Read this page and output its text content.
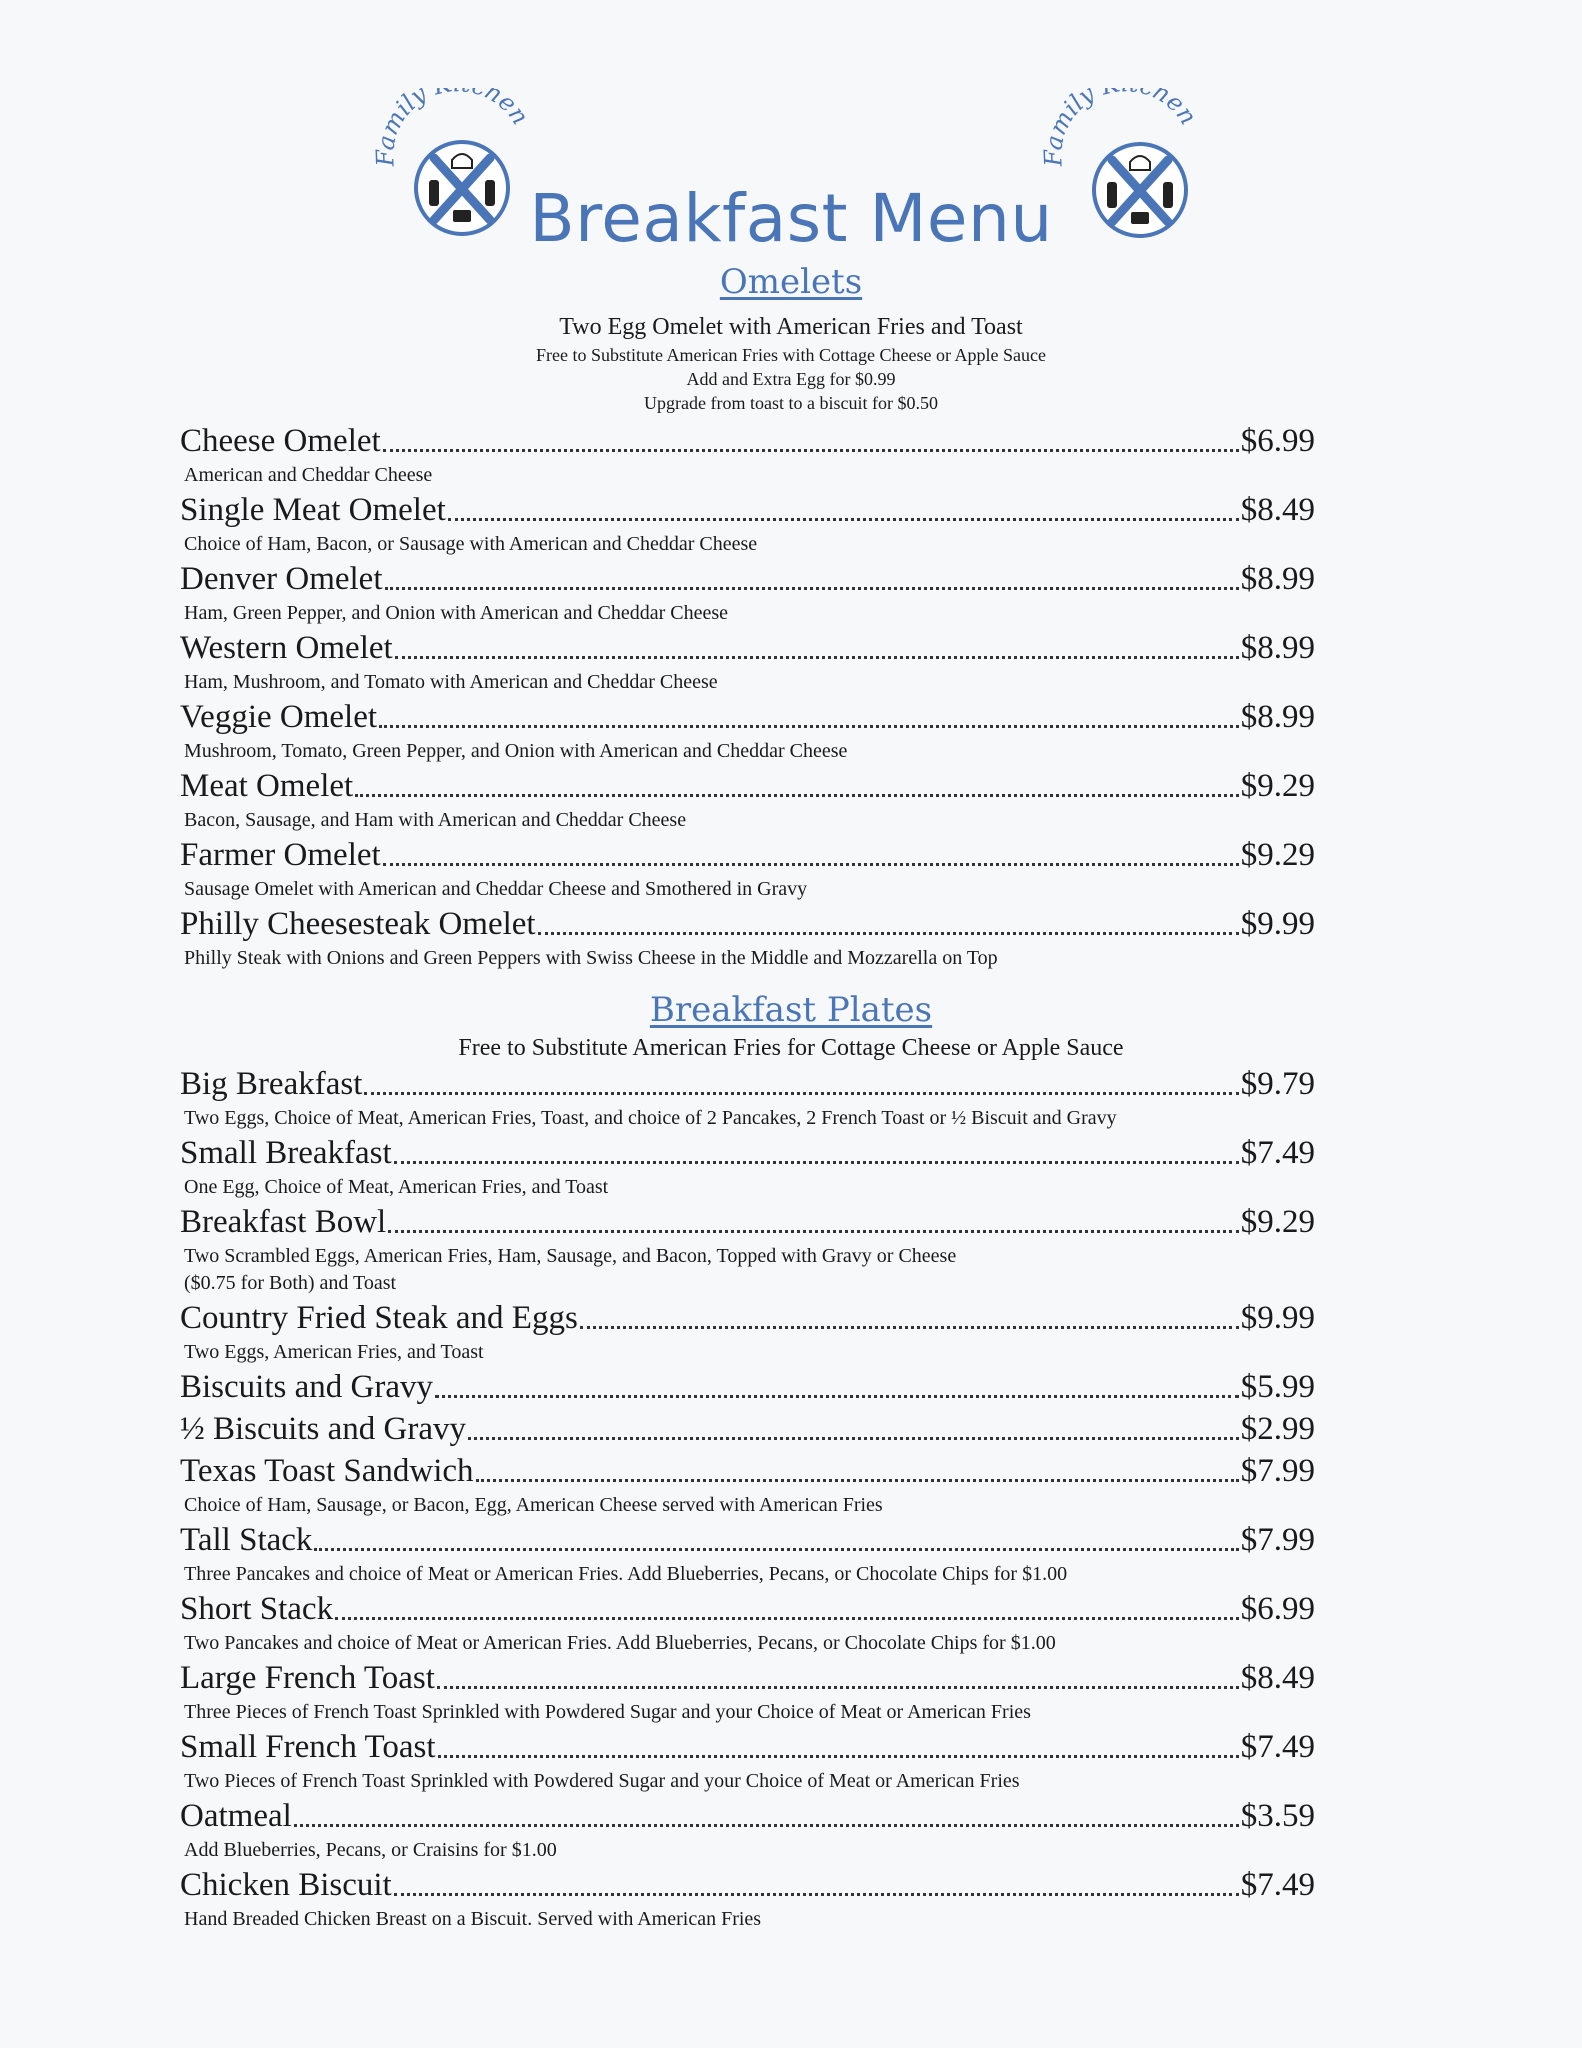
Family hen
Family hen
Breakfast Menu
Omelets
Two Egg Omelet with American Fries and Toast
Free to Substitute American Fries with Cottage Cheese or Apple Sauce
Add and Extra Egg for $0.99
Upgrade from toast to a biscuit for $0.50
Cheese Omelet	$6.99
American and Cheddar Cheese
Single Meat Omelet	$8.49
Choice of Ham, Bacon, or Sausage with American and Cheddar Cheese
Denver Omelet	$8.99
Ham, Green Pepper, and Onion with American and Cheddar Cheese
Western Omelet	$8.99
Ham, Mushroom, and Tomato with American and Cheddar Cheese
Veggie Omelet	$8.99
Mushroom, Tomato, Green Pepper, and Onion with American and Cheddar Cheese
Meat Omelet	$9.29
Bacon, Sausage, and Ham with American and Cheddar Cheese
Farmer Omelet	$9.29
Sausage Omelet with American and Cheddar Cheese and Smothered in Gravy
Philly Cheesesteak Omelet	$9.99
Philly Steak with Onions and Green Peppers with Swiss Cheese in the Middle and Mozzarella on Top
Breakfast Plates
Free to Substitute American Fries for Cottage Cheese or Apple Sauce
Big Breakfast	$9.79
Two Eggs, Choice of Meat, American Fries, Toast, and choice of 2 Pancakes, 2 French Toast or ½ Biscuit and Gravy
Small Breakfast	$7.49
One Egg, Choice of Meat, American Fries, and Toast
Breakfast Bowl	$9.29
Two Scrambled Eggs, American Fries, Ham, Sausage, and Bacon, Topped with Gravy or Cheese
($0.75 for Both) and Toast
Country Fried Steak and Eggs	$9.99
Two Eggs, American Fries, and Toast
Biscuits and Gravy	$5.99
½ Biscuits and Gravy	$2.99
Texas Toast Sandwich	$7.99
Choice of Ham, Sausage, or Bacon, Egg, American Cheese served with American Fries
Tall Stack	$7.99
Three Pancakes and choice of Meat or American Fries. Add Blueberries, Pecans, or Chocolate Chips for $1.00
Short Stack	$6.99
Two Pancakes and choice of Meat or American Fries. Add Blueberries, Pecans, or Chocolate Chips for $1.00
Large French Toast	$8.49
Three Pieces of French Toast Sprinkled with Powdered Sugar and your Choice of Meat or American Fries
Small French Toast	$7.49
Two Pieces of French Toast Sprinkled with Powdered Sugar and your Choice of Meat or American Fries
Oatmeal	$3.59
Add Blueberries, Pecans, or Craisins for $1.00
Chicken Biscuit	$7.49
Hand Breaded Chicken Breast on a Biscuit. Served with American Fries
